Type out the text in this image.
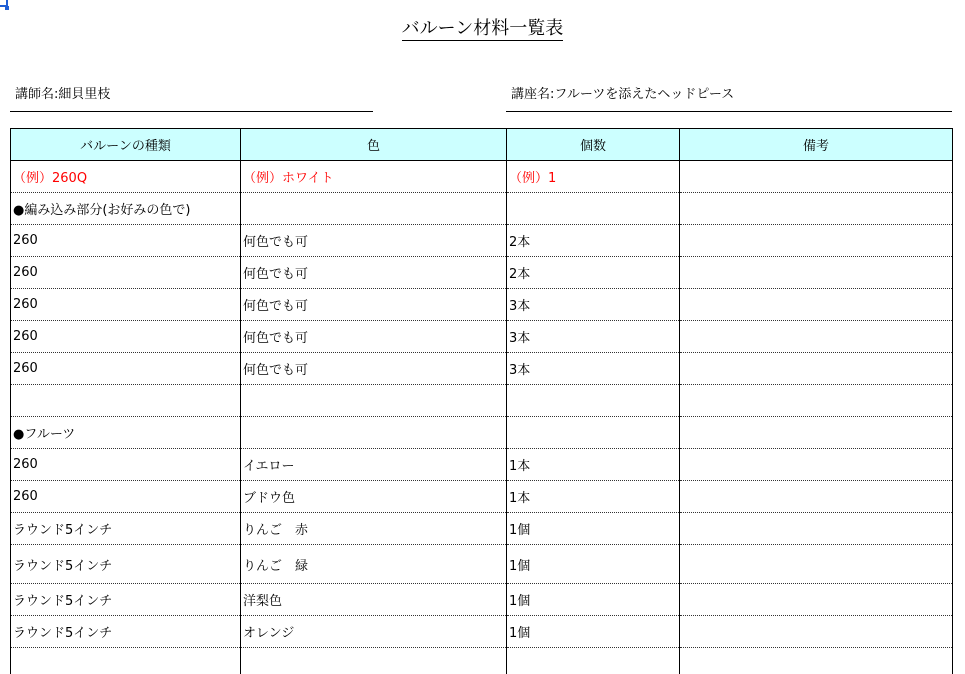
バルーン材料一覧表
講師名:細貝里枝	講座名:フルーツを添えたヘッドピース
バルーンの種類	色	個数	備考
（例）260Q	（例）ホワイト	（例）1	
●編み込み部分(お好みの色で)			
260	何色でも可	2本	
260	何色でも可	2本	
260	何色でも可	3本	
260	何色でも可	3本	
260	何色でも可	3本	

●フルーツ			
260	イエロー	1本	
260	ブドウ色	1本	
ラウンド5インチ	りんご　赤	1個	
ラウンド5インチ	りんご　緑	1個	
ラウンド5インチ	洋梨色	1個	
ラウンド5インチ	オレンジ	1個	
